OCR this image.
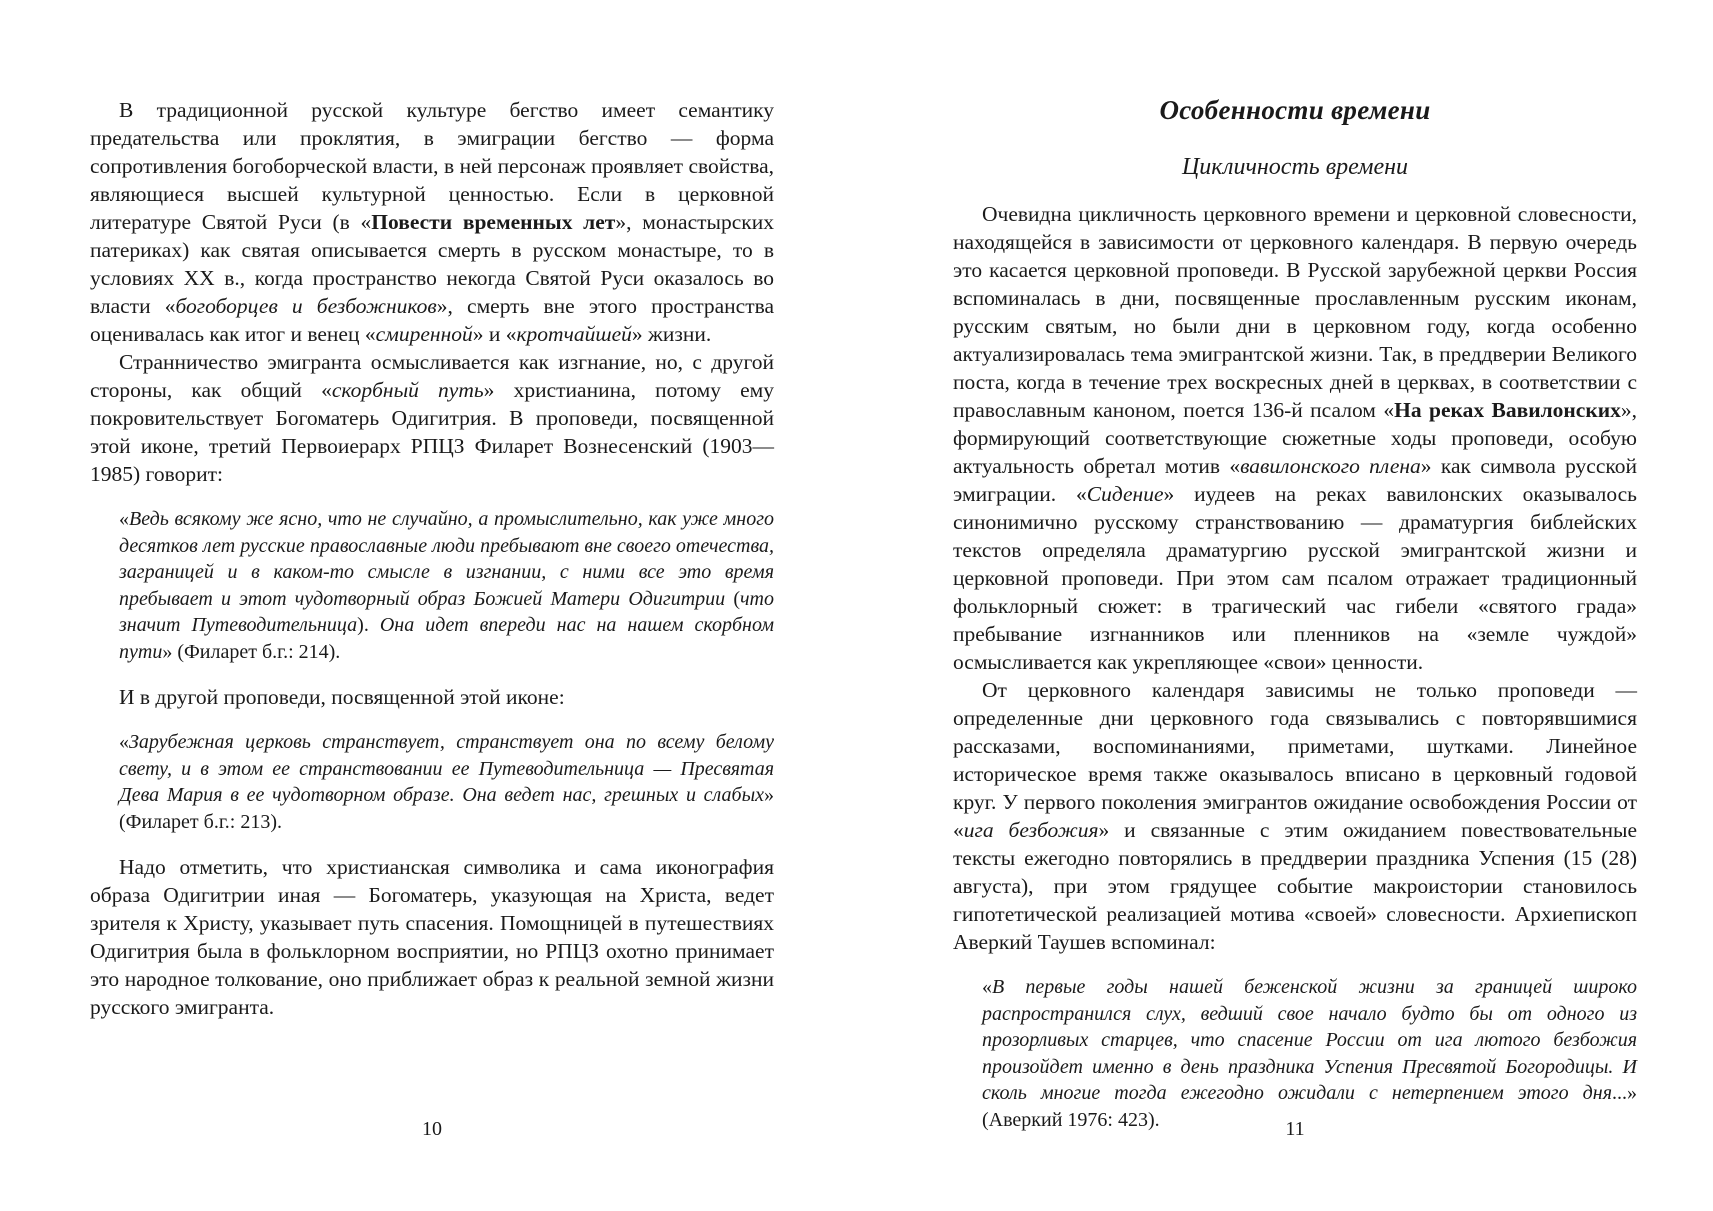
В традиционной русской культуре бегство имеет семантику предательства или проклятия, в эмиграции бегство — форма сопротивления богоборческой власти, в ней персонаж проявляет свойства, являющиеся высшей культурной ценностью. Если в церковной литературе Святой Руси (в «Повести временных лет», монастырских патериках) как святая описывается смерть в русском монастыре, то в условиях ХХ в., когда пространство некогда Святой Руси оказалось во власти «богоборцев и безбожников», смерть вне этого пространства оценивалась как итог и венец «смиренной» и «кротчайшей» жизни.

Странничество эмигранта осмысливается как изгнание, но, с другой стороны, как общий «скорбный путь» христианина, потому ему покровительствует Богоматерь Одигитрия. В проповеди, посвященной этой иконе, третий Первоиерарх РПЦЗ Филарет Вознесенский (1903—1985) говорит:

«Ведь всякому же ясно, что не случайно, а промыслительно, как уже много десятков лет русские православные люди пребывают вне своего отечества, заграницей и в каком-то смысле в изгнании, с ними все это время пребывает и этот чудотворный образ Божией Матери Одигитрии (что значит Путеводительница). Она идет впереди нас на нашем скорбном пути» (Филарет б.г.: 214).

И в другой проповеди, посвященной этой иконе:

«Зарубежная церковь странствует, странствует она по всему белому свету, и в этом ее странствовании ее Путеводительница — Пресвятая Дева Мария в ее чудотворном образе. Она ведет нас, грешных и слабых» (Филарет б.г.: 213).

Надо отметить, что христианская символика и сама иконография образа Одигитрии иная — Богоматерь, указующая на Христа, ведет зрителя к Христу, указывает путь спасения. Помощницей в путешествиях Одигитрия была в фольклорном восприятии, но РПЦЗ охотно принимает это народное толкование, оно приближает образ к реальной земной жизни русского эмигранта.

10
Особенности времени
Цикличность времени

Очевидна цикличность церковного времени и церковной словесности, находящейся в зависимости от церковного календаря. В первую очередь это касается церковной проповеди. В Русской зарубежной церкви Россия вспоминалась в дни, посвященные прославленным русским иконам, русским святым, но были дни в церковном году, когда особенно актуализировалась тема эмигрантской жизни. Так, в преддверии Великого поста, когда в течение трех воскресных дней в церквах, в соответствии с православным каноном, поется 136-й псалом «На реках Вавилонских», формирующий соответствующие сюжетные ходы проповеди, особую актуальность обретал мотив «вавилонского плена» как символа русской эмиграции. «Сидение» иудеев на реках вавилонских оказывалось синонимично русскому странствованию — драматургия библейских текстов определяла драматургию русской эмигрантской жизни и церковной проповеди. При этом сам псалом отражает традиционный фольклорный сюжет: в трагический час гибели «святого града» пребывание изгнанников или пленников на «земле чуждой» осмысливается как укрепляющее «свои» ценности.

От церковного календаря зависимы не только проповеди — определенные дни церковного года связывались с повторявшимися рассказами, воспоминаниями, приметами, шутками. Линейное историческое время также оказывалось вписано в церковный годовой круг. У первого поколения эмигрантов ожидание освобождения России от «ига безбожия» и связанные с этим ожиданием повествовательные тексты ежегодно повторялись в преддверии праздника Успения (15 (28) августа), при этом грядущее событие макроистории становилось гипотетической реализацией мотива «своей» словесности. Архиепископ Аверкий Таушев вспоминал:

«В первые годы нашей беженской жизни за границей широко распространился слух, ведший свое начало будто бы от одного из прозорливых старцев, что спасение России от ига лютого безбожия произойдет именно в день праздника Успения Пресвятой Богородицы. И сколь многие тогда ежегодно ожидали с нетерпением этого дня...» (Аверкий 1976: 423).	11
